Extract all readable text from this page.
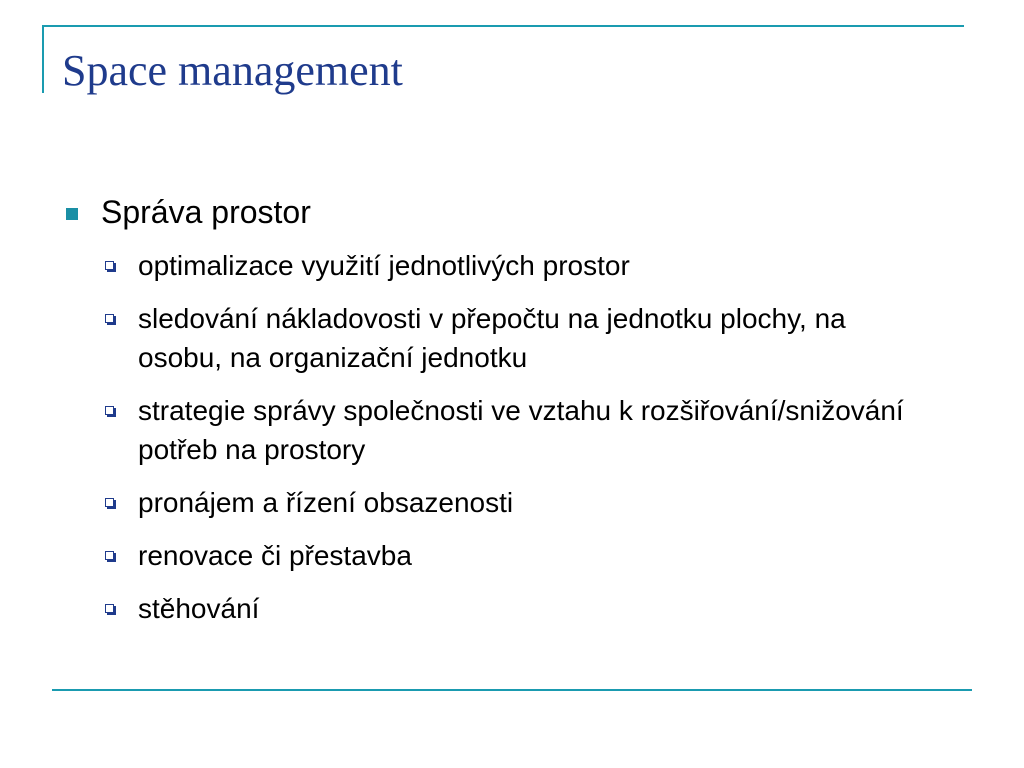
Space management
Správa prostor
optimalizace využití jednotlivých prostor
sledování nákladovosti v přepočtu na jednotku plochy, na osobu, na organizační jednotku
strategie správy společnosti ve vztahu k rozšiřování/snižování potřeb na prostory
pronájem a řízení obsazenosti
renovace či přestavba
stěhování
